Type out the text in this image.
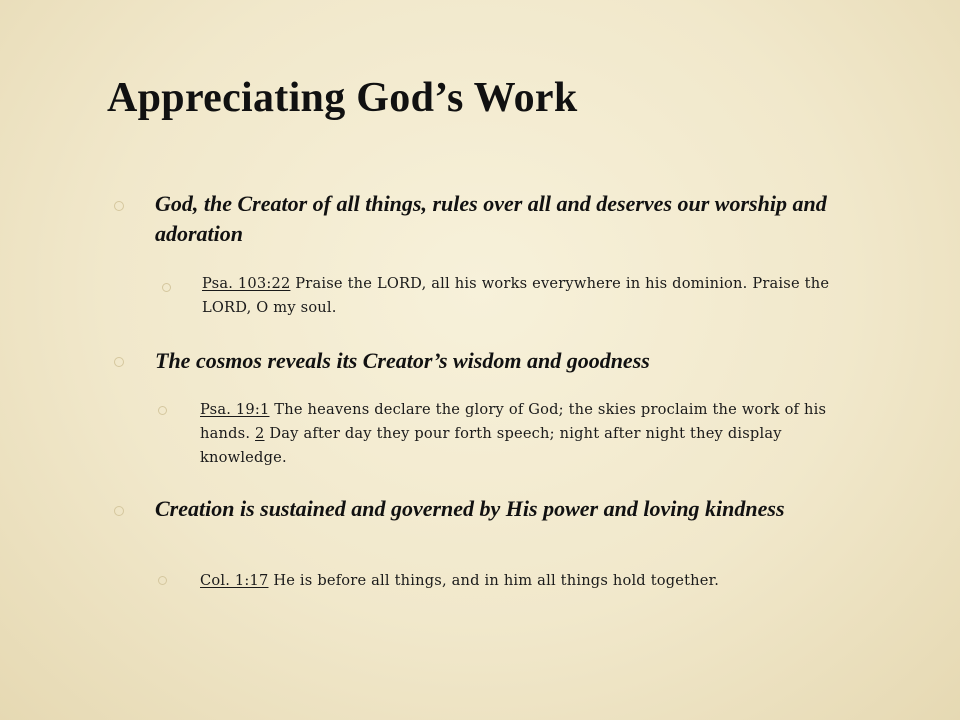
Appreciating God’s Work

God, the Creator of all things, rules over all and deserves our worship and adoration

Psa. 103:22 Praise the LORD, all his works everywhere in his dominion. Praise the LORD, O my soul.

The cosmos reveals its Creator’s wisdom and goodness

Psa. 19:1 The heavens declare the glory of God; the skies proclaim the work of his hands. 2 Day after day they pour forth speech; night after night they display knowledge.

Creation is sustained and governed by His power and loving kindness

Col. 1:17 He is before all things, and in him all things hold together.
